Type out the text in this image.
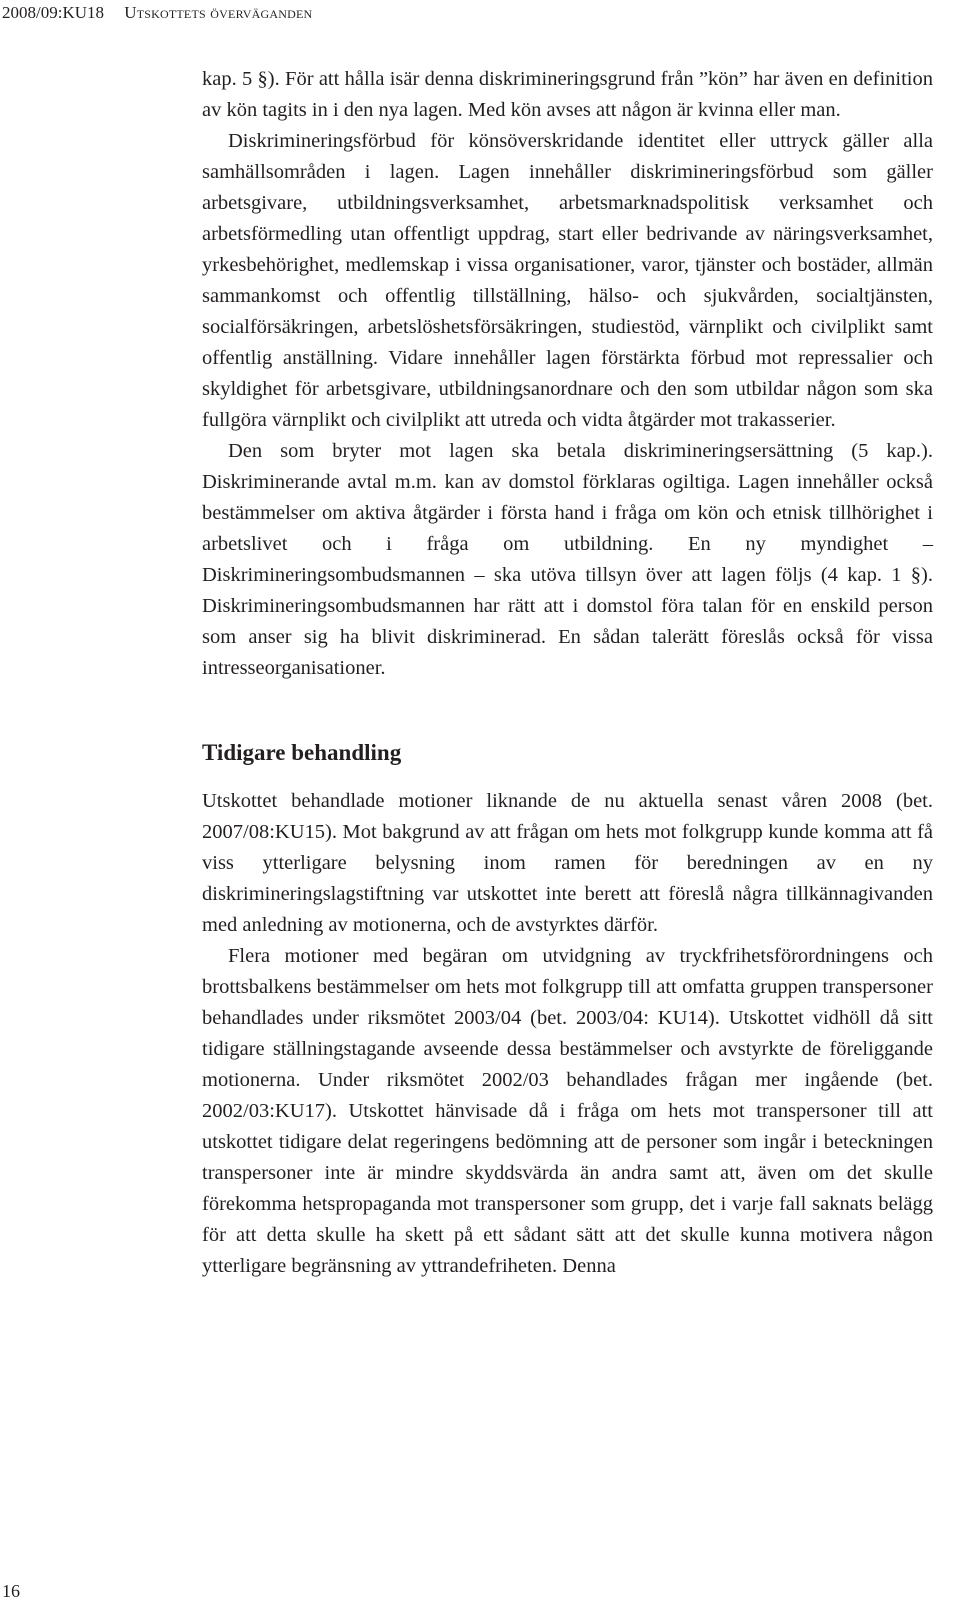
2008/09:KU18 Utskottets överväganden

kap. 5 §). För att hålla isär denna diskrimineringsgrund från ”kön” har även en definition av kön tagits in i den nya lagen. Med kön avses att någon är kvinna eller man.

Diskrimineringsförbud för könsöverskridande identitet eller uttryck gäller alla samhällsområden i lagen. Lagen innehåller diskrimineringsförbud som gäller arbetsgivare, utbildningsverksamhet, arbetsmarknadspolitisk verksamhet och arbetsförmedling utan offentligt uppdrag, start eller bedrivande av näringsverksamhet, yrkesbehörighet, medlemskap i vissa organisationer, varor, tjänster och bostäder, allmän sammankomst och offentlig tillställning, hälso- och sjukvården, socialtjänsten, socialförsäkringen, arbetslöshetsförsäkringen, studiestöd, värnplikt och civilplikt samt offentlig anställning. Vidare innehåller lagen förstärkta förbud mot repressalier och skyldighet för arbetsgivare, utbildningsanordnare och den som utbildar någon som ska fullgöra värnplikt och civilplikt att utreda och vidta åtgärder mot trakasserier.

Den som bryter mot lagen ska betala diskrimineringsersättning (5 kap.). Diskriminerande avtal m.m. kan av domstol förklaras ogiltiga. Lagen innehåller också bestämmelser om aktiva åtgärder i första hand i fråga om kön och etnisk tillhörighet i arbetslivet och i fråga om utbildning. En ny myndighet – Diskrimineringsombudsmannen – ska utöva tillsyn över att lagen följs (4 kap. 1 §). Diskrimineringsombudsmannen har rätt att i domstol föra talan för en enskild person som anser sig ha blivit diskriminerad. En sådan talerätt föreslås också för vissa intresseorganisationer.

Tidigare behandling

Utskottet behandlade motioner liknande de nu aktuella senast våren 2008 (bet. 2007/08:KU15). Mot bakgrund av att frågan om hets mot folkgrupp kunde komma att få viss ytterligare belysning inom ramen för beredningen av en ny diskrimineringslagstiftning var utskottet inte berett att föreslå några tillkännagivanden med anledning av motionerna, och de avstyrktes därför.

Flera motioner med begäran om utvidgning av tryckfrihetsförordningens och brottsbalkens bestämmelser om hets mot folkgrupp till att omfatta gruppen transpersoner behandlades under riksmötet 2003/04 (bet. 2003/04: KU14). Utskottet vidhöll då sitt tidigare ställningstagande avseende dessa bestämmelser och avstyrkte de föreliggande motionerna. Under riksmötet 2002/03 behandlades frågan mer ingående (bet. 2002/03:KU17). Utskottet hänvisade då i fråga om hets mot transpersoner till att utskottet tidigare delat regeringens bedömning att de personer som ingår i beteckningen transpersoner inte är mindre skyddsvärda än andra samt att, även om det skulle förekomma hetspropaganda mot transpersoner som grupp, det i varje fall saknats belägg för att detta skulle ha skett på ett sådant sätt att det skulle kunna motivera någon ytterligare begränsning av yttrandefriheten. Denna

16
